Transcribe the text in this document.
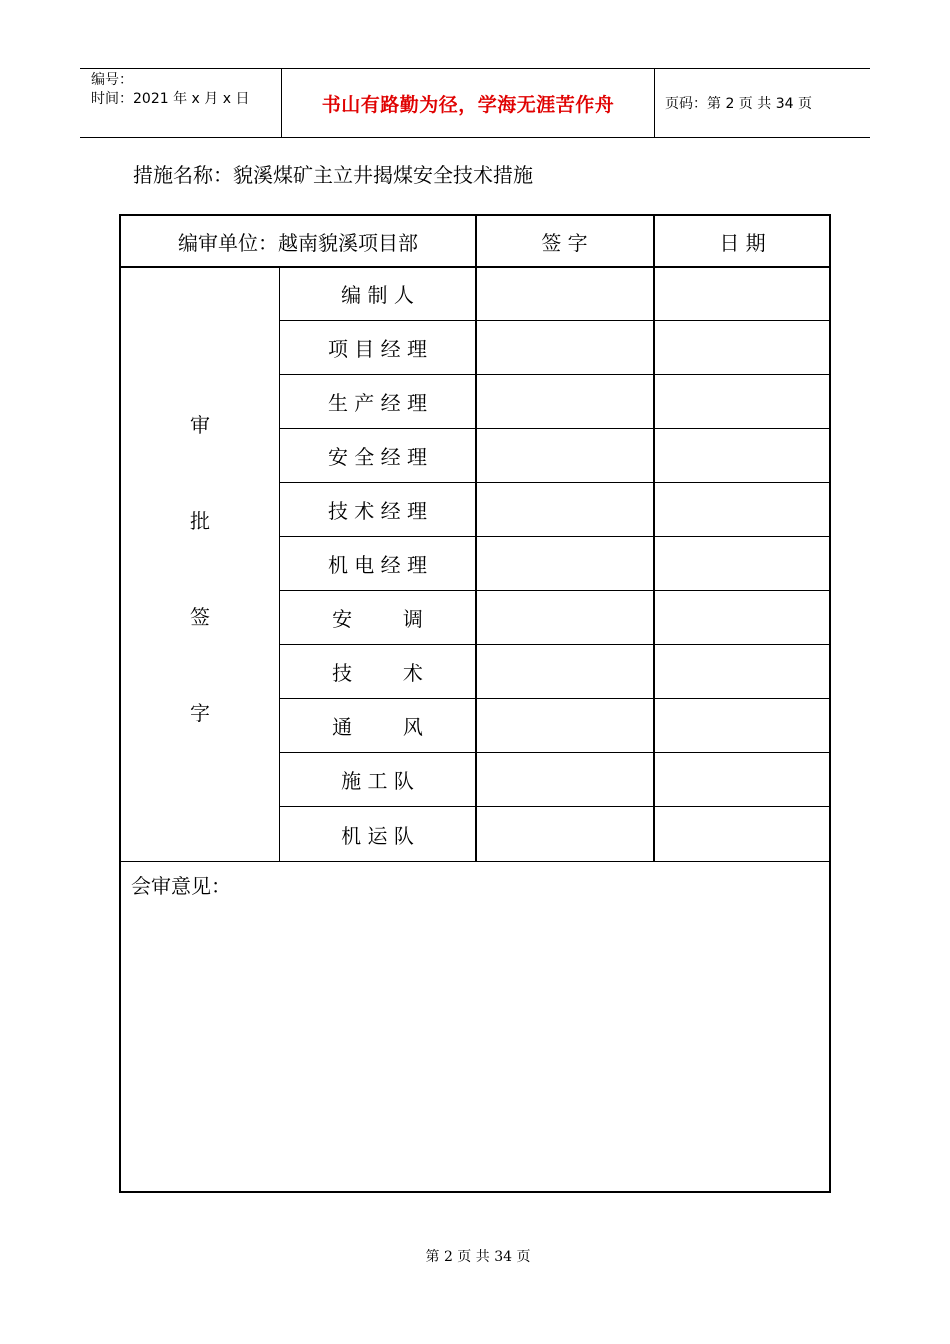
编号：
时间：2021 年 x 月 x 日	书山有路勤为径，学海无涯苦作舟	页码：第 2 页 共 34 页
措施名称：貌溪煤矿主立井揭煤安全技术措施
编审单位：越南貌溪项目部	签 字	日 期
审
批
签
字
编 制 人
项 目 经 理
生 产 经 理
安 全 经 理
技 术 经 理
机 电 经 理
安        调
技        术
通        风
施 工 队
机 运 队
会审意见：
第 2 页 共 34 页
